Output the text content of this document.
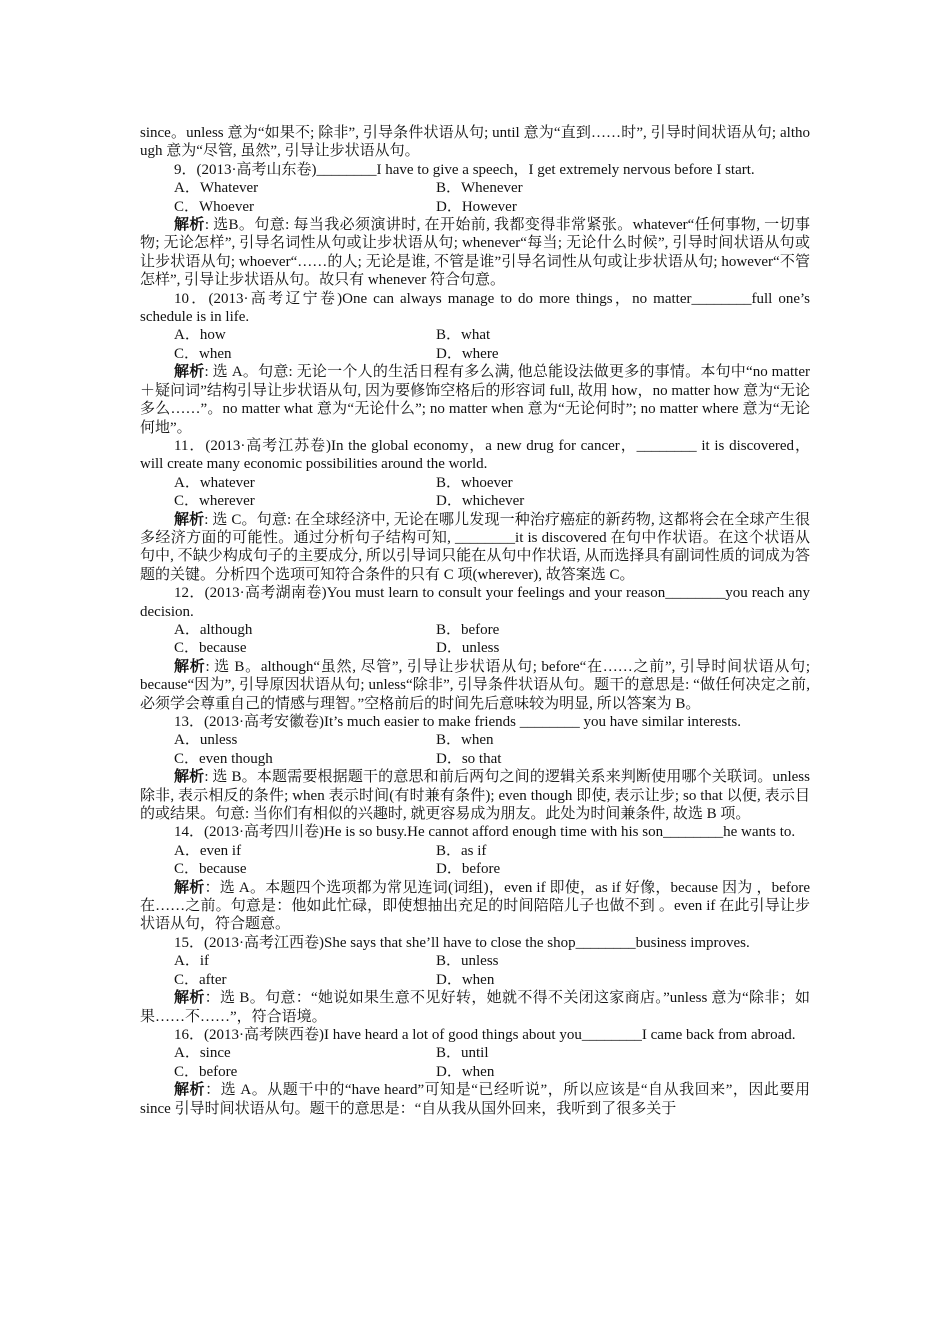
since。unless 意为“如果不; 除非”, 引导条件状语从句; until 意为“直到……时”, 引导时间状语从句; although 意为“尽管, 虽然”, 引导让步状语从句。

9．(2013·高考山东卷)________I have to give a speech，I get extremely nervous before I start.

A．Whatever	B．Whenever
C．Whoever	D．However

解析: 选B。句意: 每当我必须演讲时, 在开始前, 我都变得非常紧张。whatever“任何事物, 一切事物; 无论怎样”, 引导名词性从句或让步状语从句; whenever“每当; 无论什么时候”, 引导时间状语从句或让步状语从句; whoever“……的人; 无论是谁, 不管是谁”引导名词性从句或让步状语从句; however“不管怎样”, 引导让步状语从句。故只有 whenever 符合句意。

10．(2013·高考辽宁卷)One can always manage to do more things，no matter________full one’s schedule is in life.

A．how	B．what
C．when	D．where

解析: 选 A。句意: 无论一个人的生活日程有多么满, 他总能设法做更多的事情。本句中“no matter＋疑问词”结构引导让步状语从句, 因为要修饰空格后的形容词 full, 故用 how，no matter how 意为“无论多么……”。no matter what 意为“无论什么”; no matter when 意为“无论何时”; no matter where 意为“无论何地”。

11．(2013·高考江苏卷)In the global economy，a new drug for cancer，________ it is discovered，will create many economic possibilities around the world.

A．whatever	B．whoever
C．wherever	D．whichever

解析: 选 C。句意: 在全球经济中, 无论在哪儿发现一种治疗癌症的新药物, 这都将会在全球产生很多经济方面的可能性。通过分析句子结构可知, ________it is discovered 在句中作状语。在这个状语从句中, 不缺少构成句子的主要成分, 所以引导词只能在从句中作状语, 从而选择具有副词性质的词成为答题的关键。分析四个选项可知符合条件的只有 C 项(wherever), 故答案选 C。

12．(2013·高考湖南卷)You must learn to consult your feelings and your reason________you reach any decision.

A．although	B．before
C．because	D．unless

解析: 选 B。although“虽然, 尽管”, 引导让步状语从句; before“在……之前”, 引导时间状语从句; because“因为”, 引导原因状语从句; unless“除非”, 引导条件状语从句。题干的意思是: “做任何决定之前, 必须学会尊重自己的情感与理智。”空格前后的时间先后意味较为明显, 所以答案为 B。

13．(2013·高考安徽卷)It’s much easier to make friends ________ you have similar interests.

A．unless	B．when
C．even though	D．so that

解析: 选 B。本题需要根据题干的意思和前后两句之间的逻辑关系来判断使用哪个关联词。unless 除非, 表示相反的条件; when 表示时间(有时兼有条件); even though 即使, 表示让步; so that 以便, 表示目的或结果。句意: 当你们有相似的兴趣时, 就更容易成为朋友。此处为时间兼条件, 故选 B 项。

14．(2013·高考四川卷)He is so busy.He cannot afford enough time with his son________he wants to.

A．even if	B．as if
C．because	D．before

解析：选 A。本题四个选项都为常见连词(词组)，even if 即使，as if 好像，because 因为 ，before 在……之前。句意是：他如此忙碌，即使想抽出充足的时间陪陪儿子也做不到 。even if 在此引导让步状语从句，符合题意。

15．(2013·高考江西卷)She says that she’ll have to close the shop________business improves.

A．if	B．unless
C．after	D．when

解析：选 B。句意：“她说如果生意不见好转，她就不得不关闭这家商店。”unless 意为“除非；如果……不……”，符合语境。

16．(2013·高考陕西卷)I have heard a lot of good things about you________I came back from abroad.

A．since	B．until
C．before	D．when

解析：选 A。从题干中的“have heard”可知是“已经听说”，所以应该是“自从我回来”，因此要用 since 引导时间状语从句。题干的意思是：“自从我从国外回来，我听到了很多关于
